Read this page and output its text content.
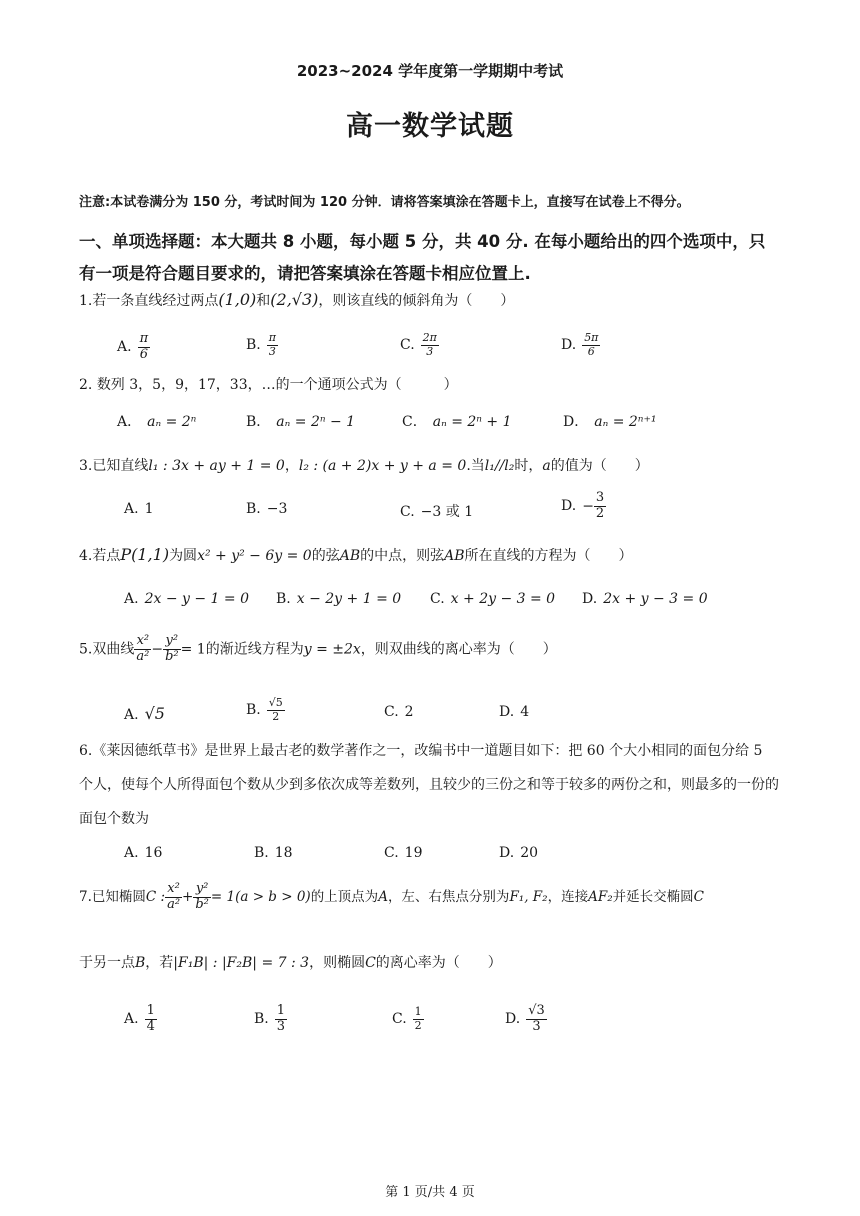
2023~2024 学年度第一学期期中考试
高一数学试题
注意:本试卷满分为 150 分，考试时间为 120 分钟．请将答案填涂在答题卡上，直接写在试卷上不得分。
一、单项选择题：本大题共 8 小题，每小题 5 分，共 40 分. 在每小题给出的四个选项中，只
有一项是符合题目要求的，请把答案填涂在答题卡相应位置上.
1.若一条直线经过两点(1,0)和(2,√3)，则该直线的倾斜角为（　　）
A. $\frac{\pi}{6}$	B. $\frac{\pi}{3}$	C. $\frac{2\pi}{3}$	D. $\frac{5\pi}{6}$
2. 数列 3，5，9，17，33，…的一个通项公式为（　　　）
A． aₙ = 2ⁿ	B． aₙ = 2ⁿ − 1	C． aₙ = 2ⁿ + 1	D． aₙ = 2ⁿ⁺¹
3.已知直线l₁ : 3x + ay + 1 = 0，l₂ : (a + 2)x + y + a = 0.当l₁//l₂时，a的值为（　　）
A. 1	B. −3	C. −3 或 1	D. − $\frac{3}{2}$
4.若点P(1,1)为圆x² + y² − 6y = 0的弦AB的中点，则弦AB所在直线的方程为（　　）
A. 2x − y − 1 = 0 B. x − 2y + 1 = 0 C. x + 2y − 3 = 0 D. 2x + y − 3 = 0
5.双曲线 $\frac{\text{x²}}{\text{a²}} - \frac{\text{y²}}{\text{b²}} = 1$的渐近线方程为y = ±2x，则双曲线的离心率为（　　）
A. √5	B. $\frac{√5}{2}$	C. 2	D. 4
6.《莱因德纸草书》是世界上最古老的数学著作之一，改编书中一道题目如下：把 60 个大小相同的面包分给 5 个人，使每个人所得面包个数从少到多依次成等差数列，且较少的三份之和等于较多的两份之和，则最多的一份的面包个数为
A. 16	B. 18	C. 19	D. 20
7.已知椭圆C : $\frac{\text{x²}}{\text{a²}} + \frac{\text{y²}}{\text{b²}} = 1(a > b > 0)$的上顶点为A，左、右焦点分别为F₁, F₂，连接AF₂并延长交椭圆C
于另一点B，若|F₁B| : |F₂B| = 7 : 3，则椭圆C的离心率为（　　）
A. $\frac{1}{4}$	B. $\frac{1}{3}$	C. $\frac{1}{2}$	D. $\frac{√3}{3}$
第 1 页/共 4 页
